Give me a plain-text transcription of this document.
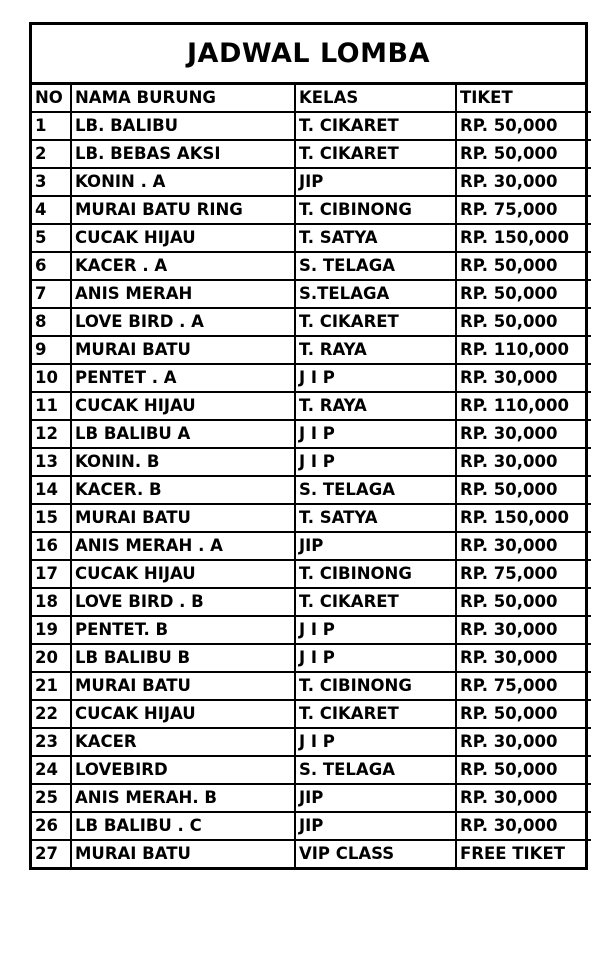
JADWAL LOMBA
NO	NAMA BURUNG	KELAS	TIKET
1	LB. BALIBU	T. CIKARET	RP. 50,000
2	LB. BEBAS AKSI	T. CIKARET	RP. 50,000
3	KONIN . A	JIP	RP. 30,000
4	MURAI BATU RING	T. CIBINONG	RP. 75,000
5	CUCAK HIJAU	T. SATYA	RP. 150,000
6	KACER . A	S. TELAGA	RP. 50,000
7	ANIS MERAH	S.TELAGA	RP. 50,000
8	LOVE BIRD . A	T. CIKARET	RP. 50,000
9	MURAI BATU	T. RAYA	RP. 110,000
10	PENTET . A	J I P	RP. 30,000
11	CUCAK HIJAU	T. RAYA	RP. 110,000
12	LB BALIBU A	J I P	RP. 30,000
13	KONIN. B	J I P	RP. 30,000
14	KACER. B	S. TELAGA	RP. 50,000
15	MURAI BATU	T. SATYA	RP. 150,000
16	ANIS MERAH . A	JIP	RP. 30,000
17	CUCAK HIJAU	T. CIBINONG	RP. 75,000
18	LOVE BIRD . B	T. CIKARET	RP. 50,000
19	PENTET. B	J I P	RP. 30,000
20	LB BALIBU B	J I P	RP. 30,000
21	MURAI BATU	T. CIBINONG	RP. 75,000
22	CUCAK HIJAU	T. CIKARET	RP. 50,000
23	KACER	J I P	RP. 30,000
24	LOVEBIRD	S. TELAGA	RP. 50,000
25	ANIS MERAH. B	JIP	RP. 30,000
26	LB BALIBU . C	JIP	RP. 30,000
27	MURAI BATU	VIP CLASS	FREE TIKET
